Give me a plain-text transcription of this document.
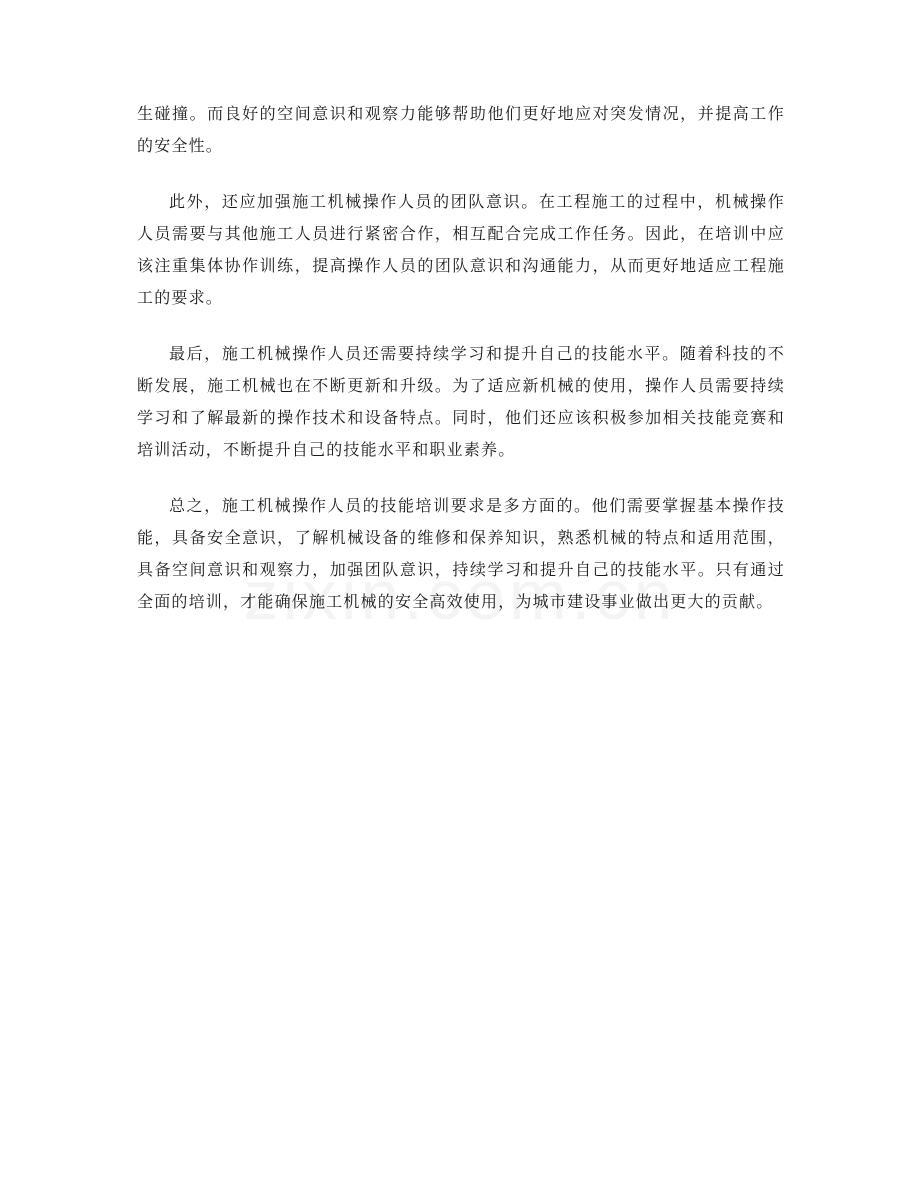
生碰撞。而良好的空间意识和观察力能够帮助他们更好地应对突发情况，并提高工作的安全性。

此外，还应加强施工机械操作人员的团队意识。在工程施工的过程中，机械操作人员需要与其他施工人员进行紧密合作，相互配合完成工作任务。因此，在培训中应该注重集体协作训练，提高操作人员的团队意识和沟通能力，从而更好地适应工程施工的要求。

最后，施工机械操作人员还需要持续学习和提升自己的技能水平。随着科技的不断发展，施工机械也在不断更新和升级。为了适应新机械的使用，操作人员需要持续学习和了解最新的操作技术和设备特点。同时，他们还应该积极参加相关技能竞赛和培训活动，不断提升自己的技能水平和职业素养。

总之，施工机械操作人员的技能培训要求是多方面的。他们需要掌握基本操作技能，具备安全意识，了解机械设备的维修和保养知识，熟悉机械的特点和适用范围，具备空间意识和观察力，加强团队意识，持续学习和提升自己的技能水平。只有通过全面的培训，才能确保施工机械的安全高效使用，为城市建设事业做出更大的贡献。
